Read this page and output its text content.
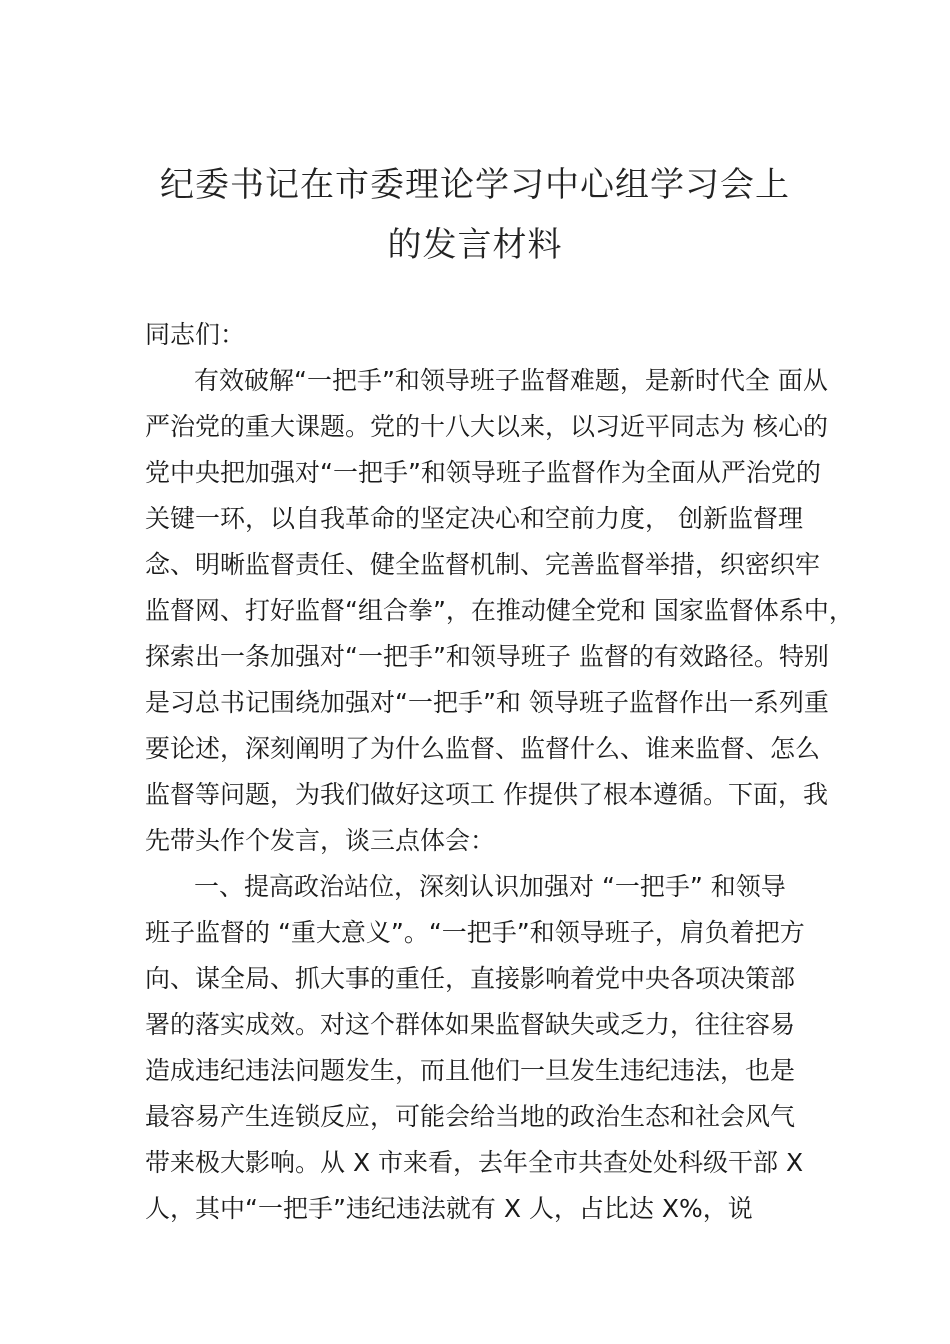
纪委书记在市委理论学习中心组学习会上
的发言材料
同志们：
有效破解“一把手”和领导班子监督难题，是新时代全 面从
严治党的重大课题。党的十八大以来，以习近平同志为 核心的
党中央把加强对“一把手”和领导班子监督作为全面从严治党的
关键一环，以自我革命的坚定决心和空前力度， 创新监督理
念、明晰监督责任、健全监督机制、完善监督举措，织密织牢
监督网、打好监督“组合拳”，在推动健全党和 国家监督体系中，
探索出一条加强对“一把手”和领导班子 监督的有效路径。特别
是习总书记围绕加强对“一把手”和 领导班子监督作出一系列重
要论述，深刻阐明了为什么监督、监督什么、谁来监督、怎么
监督等问题，为我们做好这项工 作提供了根本遵循。下面，我
先带头作个发言，谈三点体会：
一、提高政治站位，深刻认识加强对 “一把手” 和领导
班子监督的 “重大意义”。“一把手”和领导班子，肩负着把方
向、谋全局、抓大事的重任，直接影响着党中央各项决策部
署的落实成效。对这个群体如果监督缺失或乏力，往往容易
造成违纪违法问题发生，而且他们一旦发生违纪违法，也是
最容易产生连锁反应，可能会给当地的政治生态和社会风气
带来极大影响。从 X 市来看，去年全市共查处处科级干部 X
人，其中“一把手”违纪违法就有 X 人，占比达 X%，说
